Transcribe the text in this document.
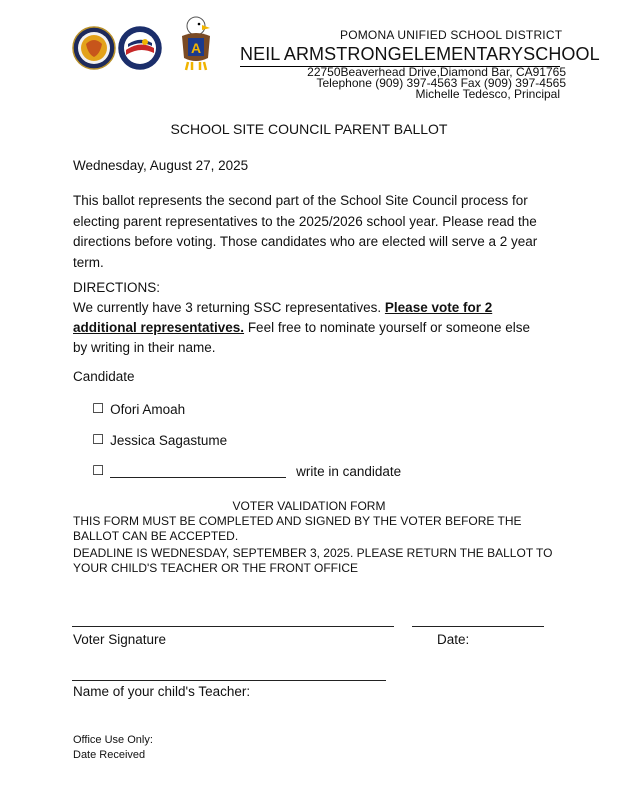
A
POMONA UNIFIED SCHOOL DISTRICT
NEIL ARMSTRONGELEMENTARYSCHOOL
22750Beaverhead Drive,Diamond Bar, CA91765
Telephone (909) 397-4563 Fax (909) 397-4565
Michelle Tedesco, Principal
SCHOOL SITE COUNCIL PARENT BALLOT
Wednesday, August 27, 2025
This ballot represents the second part of the School Site Council process for electing parent representatives to the 2025/2026 school year. Please read the directions before voting. Those candidates who are elected will serve a 2 year term.
DIRECTIONS:
We currently have 3 returning SSC representatives. Please vote for 2 additional representatives. Feel free to nominate yourself or someone else by writing in their name.
Candidate
☐ Ofori Amoah
☐ Jessica Sagastume
☐	write in candidate
VOTER VALIDATION FORM
THIS FORM MUST BE COMPLETED AND SIGNED BY THE VOTER BEFORE THE BALLOT CAN BE ACCEPTED.
DEADLINE IS WEDNESDAY, SEPTEMBER 3, 2025. PLEASE RETURN THE BALLOT TO YOUR CHILD'S TEACHER OR THE FRONT OFFICE
Voter Signature	Date:
Name of your child's Teacher:
Office Use Only:
Date Received
